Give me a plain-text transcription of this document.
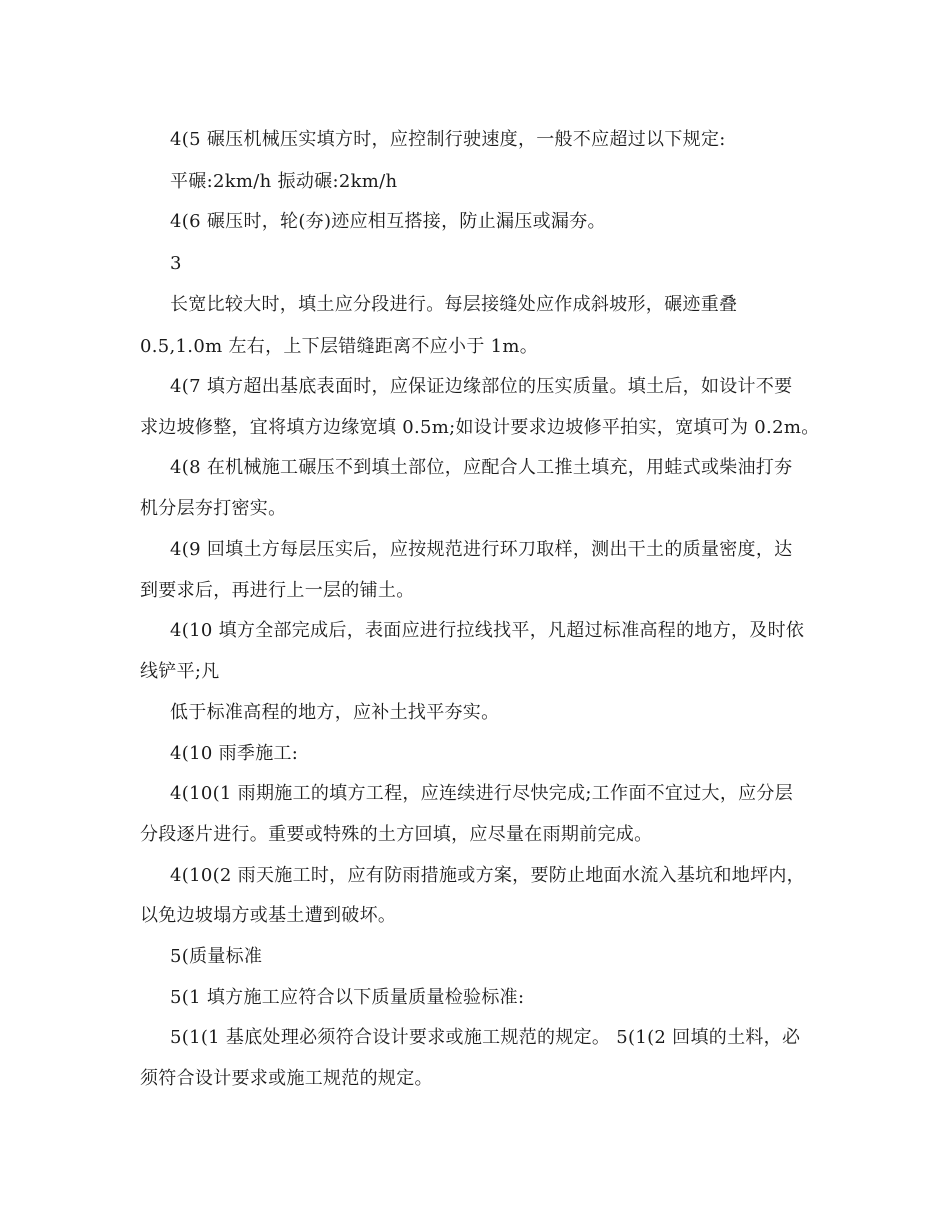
4(5 碾压机械压实填方时，应控制行驶速度，一般不应超过以下规定:
平碾:2km/h 振动碾:2km/h
4(6 碾压时，轮(夯)迹应相互搭接，防止漏压或漏夯。
3
长宽比较大时，填土应分段进行。每层接缝处应作成斜坡形，碾迹重叠
0.5,1.0m 左右，上下层错缝距离不应小于 1m。
4(7 填方超出基底表面时，应保证边缘部位的压实质量。填土后，如设计不要
求边坡修整，宜将填方边缘宽填 0.5m;如设计要求边坡修平拍实，宽填可为 0.2m。
4(8 在机械施工碾压不到填土部位，应配合人工推土填充，用蛙式或柴油打夯
机分层夯打密实。
4(9 回填土方每层压实后，应按规范进行环刀取样，测出干土的质量密度，达
到要求后，再进行上一层的铺土。
4(10 填方全部完成后，表面应进行拉线找平，凡超过标准高程的地方，及时依
线铲平;凡
低于标准高程的地方，应补土找平夯实。
4(10 雨季施工:
4(10(1 雨期施工的填方工程，应连续进行尽快完成;工作面不宜过大，应分层
分段逐片进行。重要或特殊的土方回填，应尽量在雨期前完成。
4(10(2 雨天施工时，应有防雨措施或方案，要防止地面水流入基坑和地坪内，
以免边坡塌方或基土遭到破坏。
5(质量标准
5(1 填方施工应符合以下质量质量检验标准:
5(1(1 基底处理必须符合设计要求或施工规范的规定。 5(1(2 回填的土料，必
须符合设计要求或施工规范的规定。
